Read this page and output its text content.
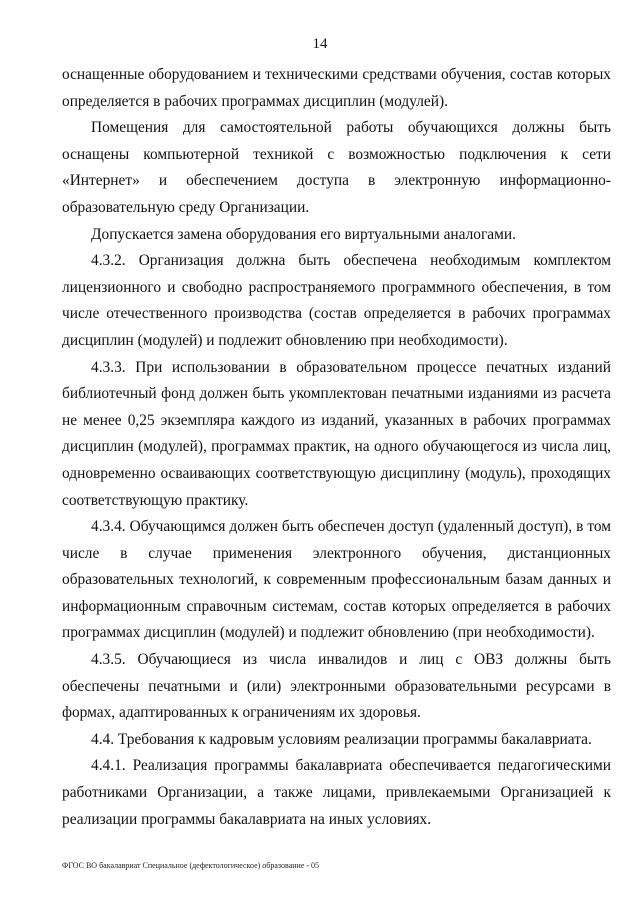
14

оснащенные оборудованием и техническими средствами обучения, состав которых определяется в рабочих программах дисциплин (модулей).

Помещения для самостоятельной работы обучающихся должны быть оснащены компьютерной техникой с возможностью подключения к сети «Интернет» и обеспечением доступа в электронную информационно-образовательную среду Организации.

Допускается замена оборудования его виртуальными аналогами.

4.3.2. Организация должна быть обеспечена необходимым комплектом лицензионного и свободно распространяемого программного обеспечения, в том числе отечественного производства (состав определяется в рабочих программах дисциплин (модулей) и подлежит обновлению при необходимости).

4.3.3. При использовании в образовательном процессе печатных изданий библиотечный фонд должен быть укомплектован печатными изданиями из расчета не менее 0,25 экземпляра каждого из изданий, указанных в рабочих программах дисциплин (модулей), программах практик, на одного обучающегося из числа лиц, одновременно осваивающих соответствующую дисциплину (модуль), проходящих соответствующую практику.

4.3.4. Обучающимся должен быть обеспечен доступ (удаленный доступ), в том числе в случае применения электронного обучения, дистанционных образовательных технологий, к современным профессиональным базам данных и информационным справочным системам, состав которых определяется в рабочих программах дисциплин (модулей) и подлежит обновлению (при необходимости).

4.3.5. Обучающиеся из числа инвалидов и лиц с ОВЗ должны быть обеспечены печатными и (или) электронными образовательными ресурсами в формах, адаптированных к ограничениям их здоровья.

4.4. Требования к кадровым условиям реализации программы бакалавриата.

4.4.1. Реализация программы бакалавриата обеспечивается педагогическими работниками Организации, а также лицами, привлекаемыми Организацией к реализации программы бакалавриата на иных условиях.

ФГОС ВО бакалавриат Специальное (дефектологическое) образование - 05
